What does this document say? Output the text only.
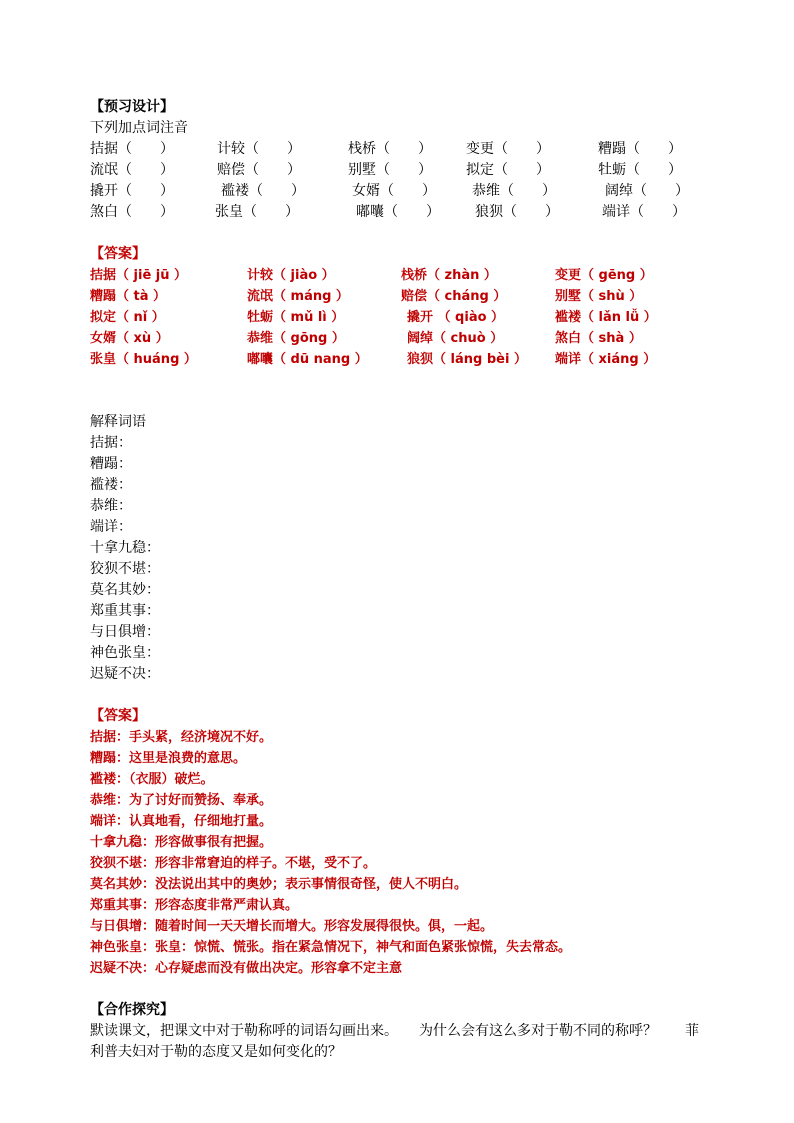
【预习设计】
下列加点词注音
拮据（　　）	计较（　　）	栈桥（　　） 变更（　　）	糟蹋（　　）
流氓（　　）	赔偿（　　）	别墅（　　） 拟定（　　）	牡蛎（　　）
撬开（　　）	褴褛（　　）	女婿（　　）	恭维（　　）	阔绰（　　）
煞白（　　）	张皇（　　）	嘟囔（　　）	狼狈（　　）	端详（　　）
【答案】
拮据（ jiē jū ）	计较（ jiào ）	栈桥（ zhàn ）	变更（ gēng ）
糟蹋（ tà ）	流氓（ máng ）	赔偿（ cháng ）	别墅（ shù ）
拟定（ nǐ ）	牡蛎（ mǔ lì ）	撬开 （ qiào ）	褴褛（ lǎn lǚ ）
女婿（ xù ）	恭维（ gōng ）	阔绰（ chuò ）	煞白（ shà ）
张皇（ huáng ）	嘟囔（ dū nang ）	狼狈（ láng bèi ） 端详（ xiáng ）
解释词语
拮据：
糟蹋：
褴褛：
恭维：
端详：
十拿九稳：
狡狈不堪：
莫名其妙：
郑重其事：
与日俱增：
神色张皇：
迟疑不决：
【答案】
拮据：手头紧，经济境况不好。
糟蹋：这里是浪费的意思。
褴褛：（衣服）破烂。
恭维：为了讨好而赞扬、奉承。
端详：认真地看，仔细地打量。
十拿九稳：形容做事很有把握。
狡狈不堪：形容非常窘迫的样子。不堪，受不了。
莫名其妙：没法说出其中的奥妙；表示事情很奇怪，使人不明白。
郑重其事：形容态度非常严肃认真。
与日俱增：随着时间一天天增长而增大。形容发展得很快。俱，一起。
神色张皇：张皇：惊慌、慌张。指在紧急情况下，神气和面色紧张惊慌，失去常态。
迟疑不决：心存疑虑而没有做出决定。形容拿不定主意
【合作探究】
默读课文，把课文中对于勒称呼的词语勾画出来。　　为什么会有这么多对于勒不同的称呼？　　菲利普夫妇对于勒的态度又是如何变化的？
